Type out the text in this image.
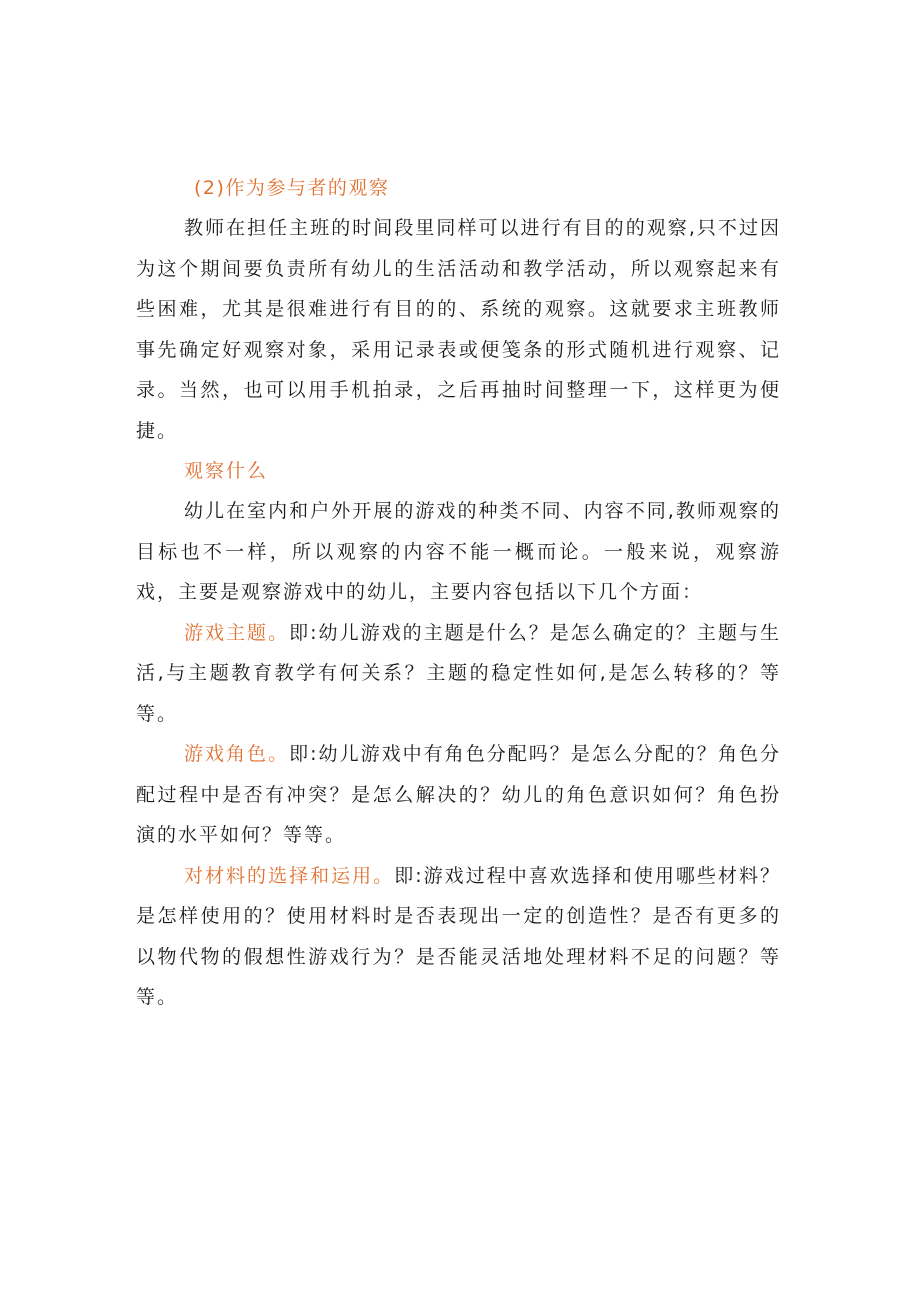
(2)作为参与者的观察

教师在担任主班的时间段里同样可以进行有目的的观察,只不过因为这个期间要负责所有幼儿的生活活动和教学活动，所以观察起来有些困难，尤其是很难进行有目的的、系统的观察。这就要求主班教师事先确定好观察对象，采用记录表或便笺条的形式随机进行观察、记录。当然，也可以用手机拍录，之后再抽时间整理一下，这样更为便捷。

观察什么

幼儿在室内和户外开展的游戏的种类不同、内容不同,教师观察的目标也不一样，所以观察的内容不能一概而论。一般来说，观察游戏，主要是观察游戏中的幼儿，主要内容包括以下几个方面：

游戏主题。即:幼儿游戏的主题是什么？是怎么确定的？主题与生活,与主题教育教学有何关系？主题的稳定性如何,是怎么转移的？等等。

游戏角色。即:幼儿游戏中有角色分配吗？是怎么分配的？角色分配过程中是否有冲突？是怎么解决的？幼儿的角色意识如何？角色扮演的水平如何？等等。

对材料的选择和运用。即:游戏过程中喜欢选择和使用哪些材料？是怎样使用的？使用材料时是否表现出一定的创造性？是否有更多的以物代物的假想性游戏行为？是否能灵活地处理材料不足的问题？等等。
